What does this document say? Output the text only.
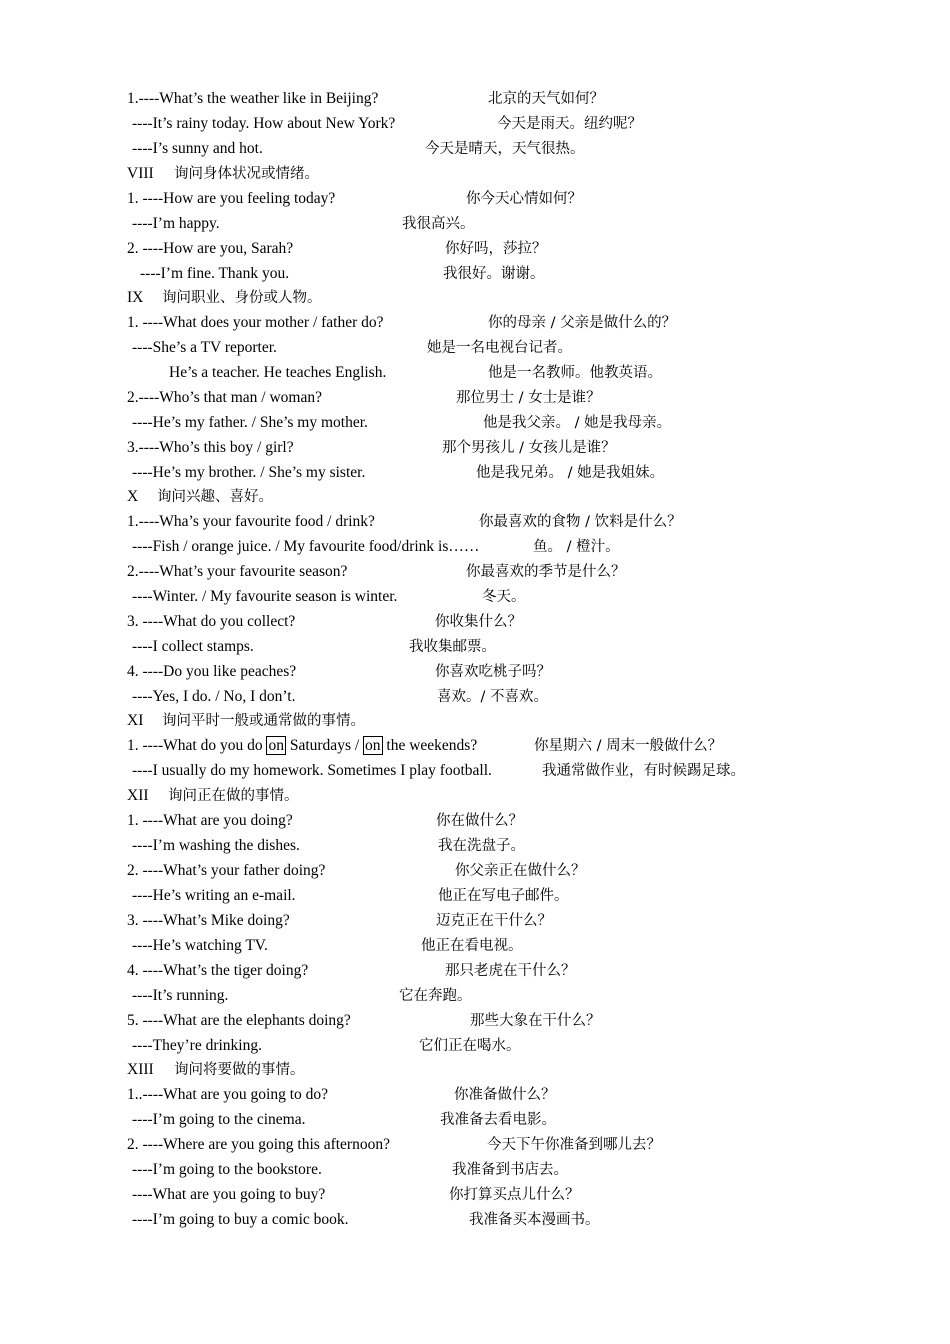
1.----What’s the weather like in Beijing?	北京的天气如何？
----It’s rainy today. How about New York?	今天是雨天。纽约呢？
----I’s sunny and hot.	今天是晴天，天气很热。
VIII 询问身体状况或情绪。
1. ----How are you feeling today?	你今天心情如何？
----I’m happy.	我很高兴。
2. ----How are you, Sarah?	你好吗，莎拉？
----I’m fine. Thank you.	我很好。谢谢。
IX 询问职业、身份或人物。
1. ----What does your mother / father do?	你的母亲 / 父亲是做什么的？
----She’s a TV reporter.	她是一名电视台记者。
He’s a teacher. He teaches English.	他是一名教师。他教英语。
2.----Who’s that man / woman?	那位男士 / 女士是谁？
----He’s my father. / She’s my mother.	他是我父亲。 / 她是我母亲。
3.----Who’s this boy / girl?	那个男孩儿 / 女孩儿是谁？
----He’s my brother. / She’s my sister.	他是我兄弟。 / 她是我姐妹。
X 询问兴趣、喜好。
1.----Wha’s your favourite food / drink?	你最喜欢的食物 / 饮料是什么？
----Fish / orange juice. / My favourite food/drink is……	鱼。 / 橙汁。
2.----What’s your favourite season?	你最喜欢的季节是什么？
----Winter. / My favourite season is winter.	冬天。
3. ----What do you collect?	你收集什么？
----I collect stamps.	我收集邮票。
4. ----Do you like peaches?	你喜欢吃桃子吗？
----Yes, I do. / No, I don’t.	喜欢。/ 不喜欢。
XI 询问平时一般或通常做的事情。
1. ----What do you do on Saturdays / on the weekends?	你星期六 / 周末一般做什么？
----I usually do my homework. Sometimes I play football.	我通常做作业，有时候踢足球。
XII 询问正在做的事情。
1. ----What are you doing?	你在做什么？
----I’m washing the dishes.	我在洗盘子。
2. ----What’s your father doing?	你父亲正在做什么？
----He’s writing an e-mail.	他正在写电子邮件。
3. ----What’s Mike doing?	迈克正在干什么？
----He’s watching TV.	他正在看电视。
4. ----What’s the tiger doing?	那只老虎在干什么？
----It’s running.	它在奔跑。
5. ----What are the elephants doing?	那些大象在干什么？
----They’re drinking.	它们正在喝水。
XIII 询问将要做的事情。
1..----What are you going to do?	你准备做什么？
----I’m going to the cinema.	我准备去看电影。
2. ----Where are you going this afternoon?	今天下午你准备到哪儿去？
----I’m going to the bookstore.	我准备到书店去。
----What are you going to buy?	你打算买点儿什么？
----I’m going to buy a comic book.	我准备买本漫画书。
